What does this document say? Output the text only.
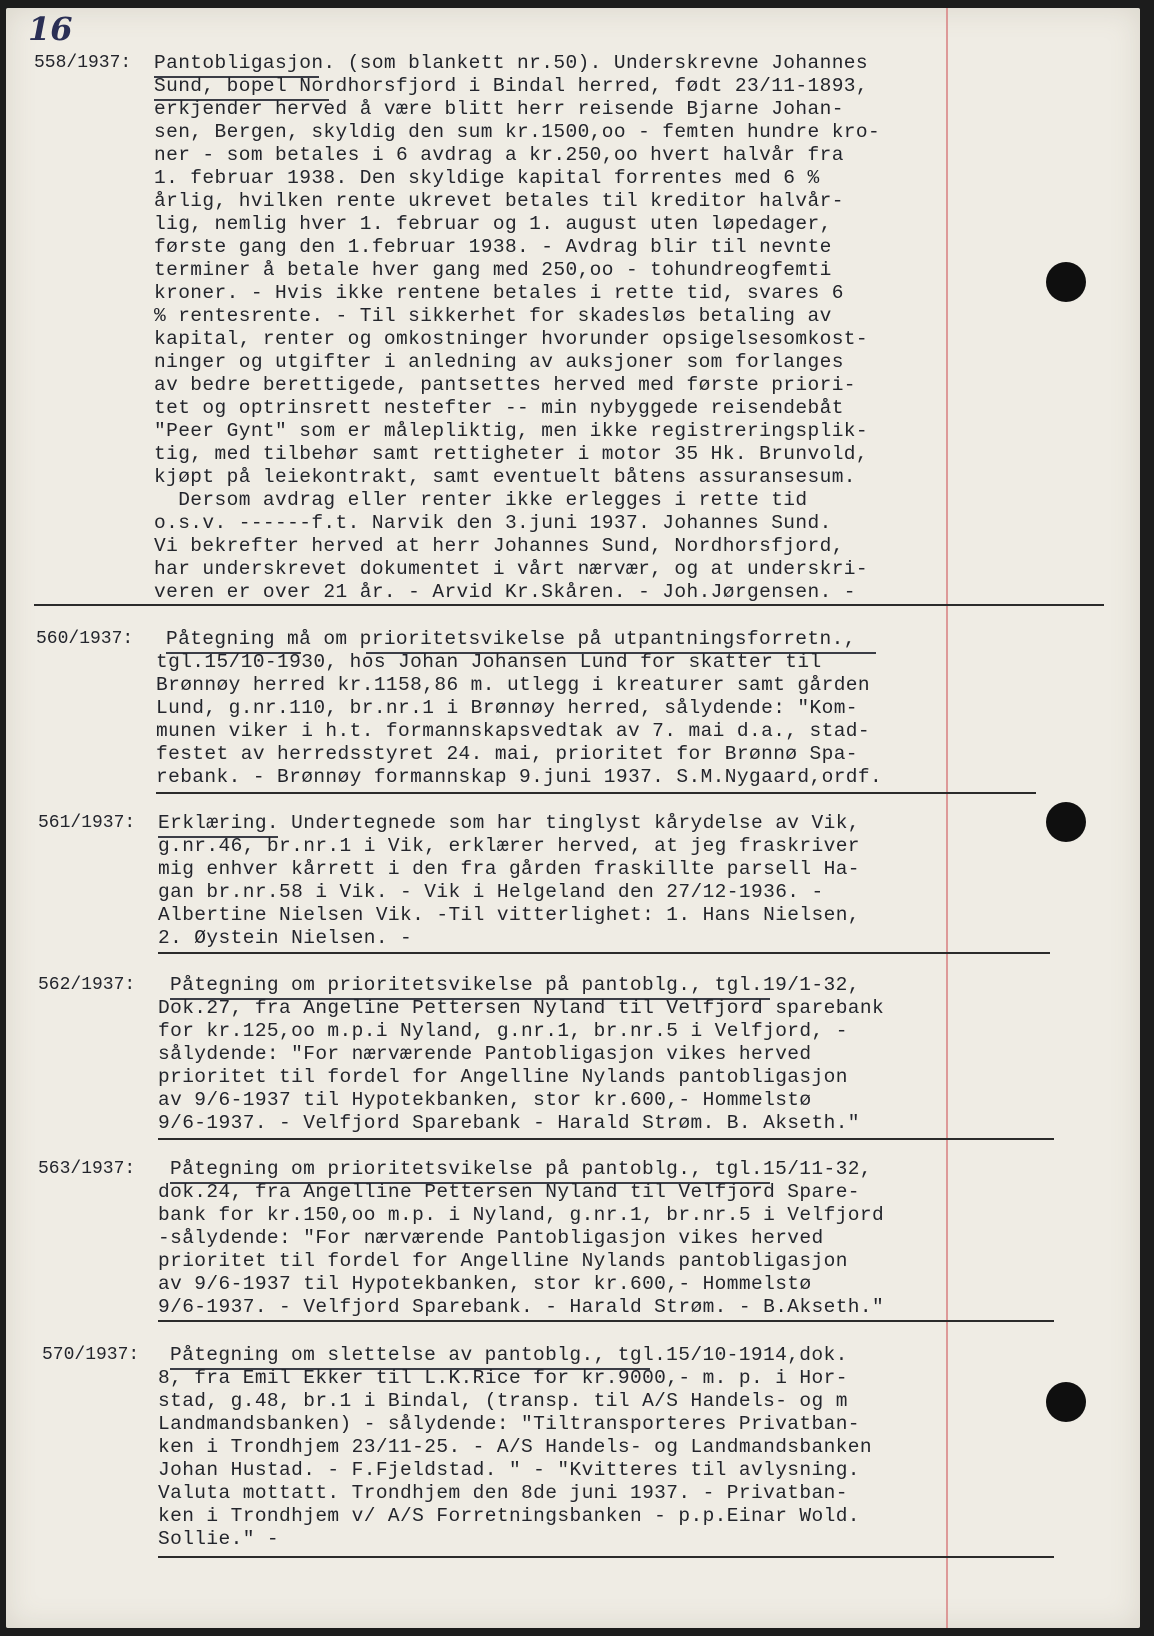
16
558/1937: Pantobligasjon. (som blankett nr.50). Underskrevne Johannes
Sund, bopel Nordhorsfjord i Bindal herred, født 23/11-1893,
erkjender herved å være blitt herr reisende Bjarne Johan-
sen, Bergen, skyldig den sum kr.1500,oo - femten hundre kro-
ner - som betales i 6 avdrag a kr.250,oo hvert halvår fra
1. februar 1938. Den skyldige kapital forrentes med 6 %
årlig, hvilken rente ukrevet betales til kreditor halvår-
lig, nemlig hver 1. februar og 1. august uten løpedager,
første gang den 1.februar 1938. - Avdrag blir til nevnte
terminer å betale hver gang med 250,oo - tohundreogfemti
kroner. - Hvis ikke rentene betales i rette tid, svares 6
% rentesrente. - Til sikkerhet for skadesløs betaling av
kapital, renter og omkostninger hvorunder opsigelsesomkost-
ninger og utgifter i anledning av auksjoner som forlanges
av bedre berettigede, pantsettes herved med første priori-
tet og optrinsrett nestefter -- min nybyggede reisendebåt
"Peer Gynt" som er målepliktig, men ikke registreringsplik-
tig, med tilbehør samt rettigheter i motor 35 Hk. Brunvold,
kjøpt på leiekontrakt, samt eventuelt båtens assuransesum.
Dersom avdrag eller renter ikke erlegges i rette tid
o.s.v. ------f.t. Narvik den 3.juni 1937. Johannes Sund.
Vi bekrefter herved at herr Johannes Sund, Nordhorsfjord,
har underskrevet dokumentet i vårt nærvær, og at underskri-
veren er over 21 år. - Arvid Kr.Skåren. - Joh.Jørgensen. -
560/1937: Påtegning må om prioritetsvikelse på utpantningsforretn.,
tgl.15/10-1930, hos Johan Johansen Lund for skatter til
Brønnøy herred kr.1158,86 m. utlegg i kreaturer samt gården
Lund, g.nr.110, br.nr.1 i Brønnøy herred, sålydende: "Kom-
munen viker i h.t. formannskapsvedtak av 7. mai d.a., stad-
festet av herredsstyret 24. mai, prioritet for Brønnø Spa-
rebank. - Brønnøy formannskap 9.juni 1937. S.M.Nygaard,ordf.
561/1937: Erklæring. Undertegnede som har tinglyst kårydelse av Vik,
g.nr.46, br.nr.1 i Vik, erklærer herved, at jeg fraskriver
mig enhver kårrett i den fra gården fraskillte parsell Ha-
gan br.nr.58 i Vik. - Vik i Helgeland den 27/12-1936. -
Albertine Nielsen Vik. -Til vitterlighet: 1. Hans Nielsen,
2. Øystein Nielsen. -
562/1937: Påtegning om prioritetsvikelse på pantoblg., tgl.19/1-32,
Dok.27, fra Angeline Pettersen Nyland til Velfjord sparebank
for kr.125,oo m.p.i Nyland, g.nr.1, br.nr.5 i Velfjord, -
sålydende: "For nærværende Pantobligasjon vikes herved
prioritet til fordel for Angelline Nylands pantobligasjon
av 9/6-1937 til Hypotekbanken, stor kr.600,- Hommelstø
9/6-1937. - Velfjord Sparebank - Harald Strøm. B. Akseth."
563/1937: Påtegning om prioritetsvikelse på pantoblg., tgl.15/11-32,
dok.24, fra Angelline Pettersen Nyland til Velfjord Spare-
bank for kr.150,oo m.p. i Nyland, g.nr.1, br.nr.5 i Velfjord
-sålydende: "For nærværende Pantobligasjon vikes herved
prioritet til fordel for Angelline Nylands pantobligasjon
av 9/6-1937 til Hypotekbanken, stor kr.600,- Hommelstø
9/6-1937. - Velfjord Sparebank. - Harald Strøm. - B.Akseth."
570/1937: Påtegning om slettelse av pantoblg., tgl.15/10-1914,dok.
8, fra Emil Ekker til L.K.Rice for kr.9000,- m. p. i Hor-
stad, g.48, br.1 i Bindal, (transp. til A/S Handels- og m
Landmandsbanken) - sålydende: "Tiltransporteres Privatban-
ken i Trondhjem 23/11-25. - A/S Handels- og Landmandsbanken
Johan Hustad. - F.Fjeldstad. " - "Kvitteres til avlysning.
Valuta mottatt. Trondhjem den 8de juni 1937. - Privatban-
ken i Trondhjem v/ A/S Forretningsbanken - p.p.Einar Wold.
Sollie." -
